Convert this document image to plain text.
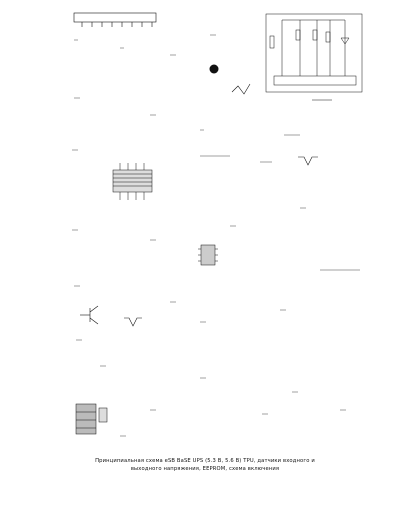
Принципиальная схема eSB BaSE UPS (5.3 В, 5.6 В) TPU, датчики входного и
выходного напряжения, EEPROM, схема включения
